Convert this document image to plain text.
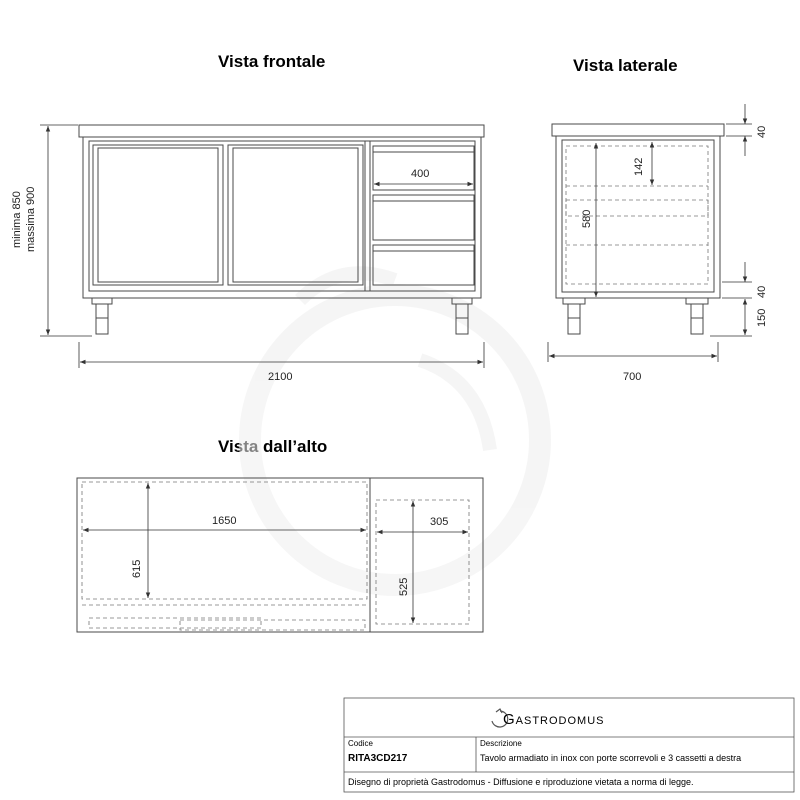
Vista frontale	Vista laterale
Vista dall’alto
minima 850 massima 900
2100
400
40
142
580
40
150
700
1650
615
305
525
Gastrodomus
Codice
RITA3CD217
Descrizione
Tavolo armadiato in inox con porte scorrevoli e 3 cassetti a destra
Disegno di proprietà Gastrodomus - Diffusione e riproduzione vietata a norma di legge.
